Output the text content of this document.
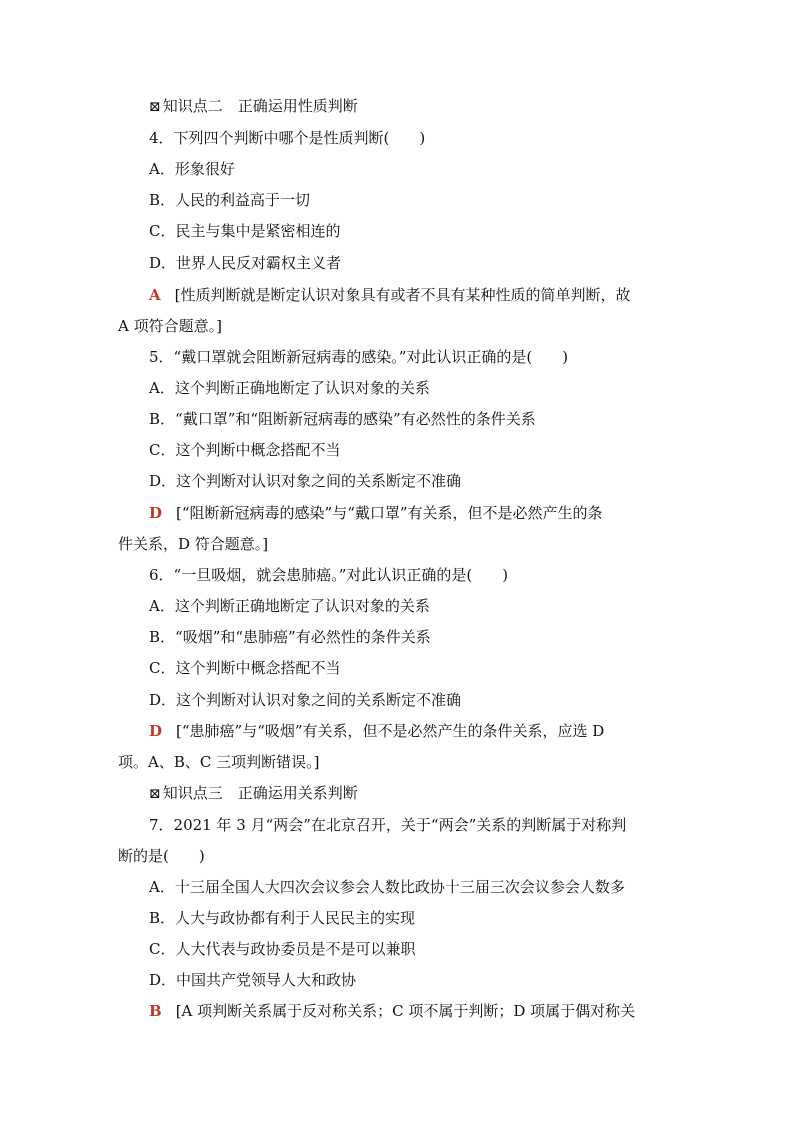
⊠ 知识点二　正确运用性质判断
4．下列四个判断中哪个是性质判断(　　)
A．形象很好
B．人民的利益高于一切
C．民主与集中是紧密相连的
D．世界人民反对霸权主义者
A [性质判断就是断定认识对象具有或者不具有某种性质的简单判断，故
A 项符合题意。]
5．“戴口罩就会阻断新冠病毒的感染。”对此认识正确的是(　　)
A．这个判断正确地断定了认识对象的关系
B．“戴口罩”和“阻断新冠病毒的感染”有必然性的条件关系
C．这个判断中概念搭配不当
D．这个判断对认识对象之间的关系断定不准确
D [“阻断新冠病毒的感染”与“戴口罩”有关系，但不是必然产生的条
件关系，D 符合题意。]
6．“一旦吸烟，就会患肺癌。”对此认识正确的是(　　)
A．这个判断正确地断定了认识对象的关系
B．“吸烟”和“患肺癌”有必然性的条件关系
C．这个判断中概念搭配不当
D．这个判断对认识对象之间的关系断定不准确
D [“患肺癌”与“吸烟”有关系，但不是必然产生的条件关系，应选 D
项。A、B、C 三项判断错误。]
⊠ 知识点三　正确运用关系判断
7．2021 年 3 月“两会”在北京召开，关于“两会”关系的判断属于对称判
断的是(　　)
A．十三届全国人大四次会议参会人数比政协十三届三次会议参会人数多
B．人大与政协都有利于人民民主的实现
C．人大代表与政协委员是不是可以兼职
D．中国共产党领导人大和政协
B [A 项判断关系属于反对称关系；C 项不属于判断；D 项属于偶对称关
